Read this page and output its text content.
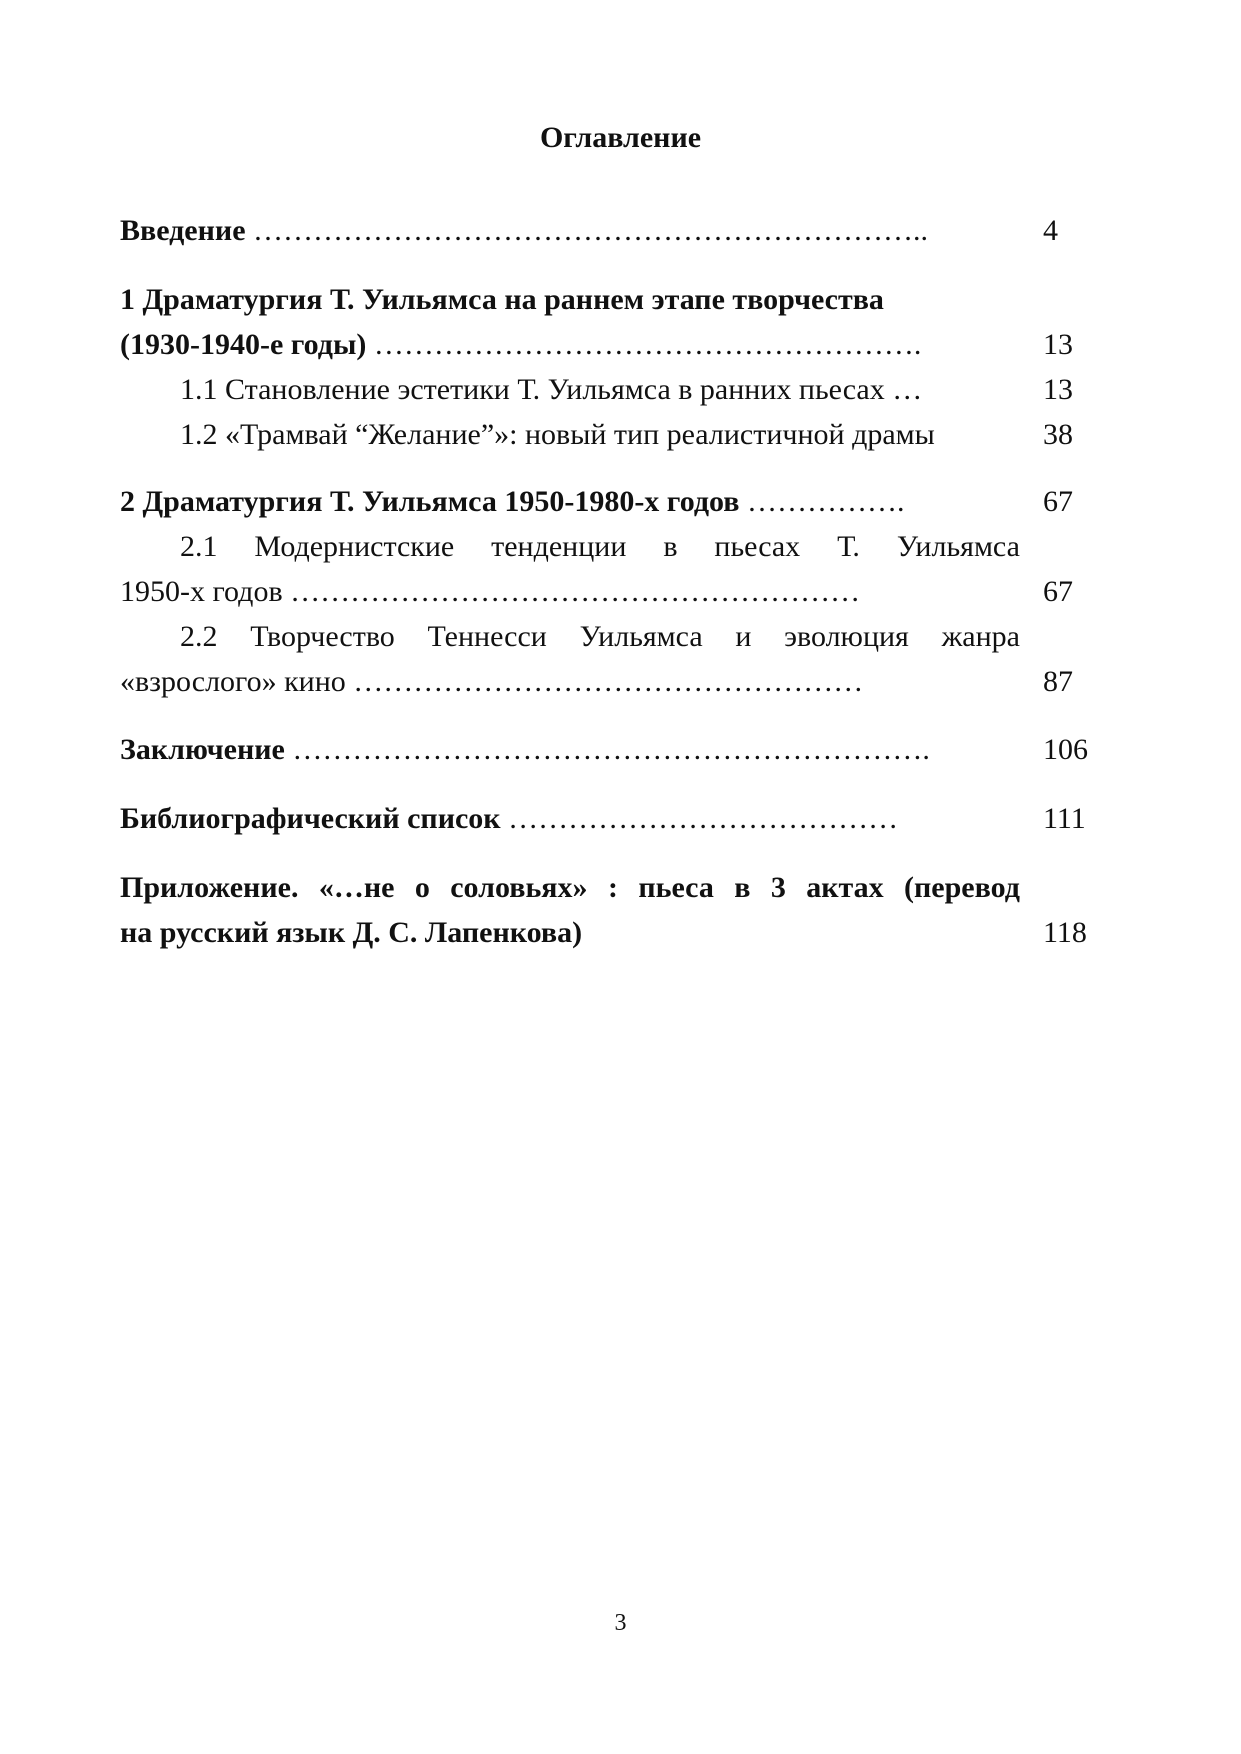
Оглавление
Введение …………………………………………………………..	4
1 Драматургия Т. Уильямса на раннем этапе творчества
(1930-1940-е годы) ……………………………………………….	13
1.1 Становление эстетики Т. Уильямса в ранних пьесах …	13
1.2 «Трамвай “Желание”»: новый тип реалистичной драмы	38
2 Драматургия Т. Уильямса 1950-1980-х годов …………….	67
2.1 Модернистские тенденции в пьесах Т. Уильямса
1950-х годов …………………………………………………	67
2.2 Творчество Теннесси Уильямса и эволюция жанра
«взрослого» кино ……………………………………………	87
Заключение ……………………………………………………….	106
Библиографический список …………………………………	111
Приложение. «…не о соловьях» : пьеса в 3 актах (перевод
на русский язык Д. С. Лапенкова)	118
3
